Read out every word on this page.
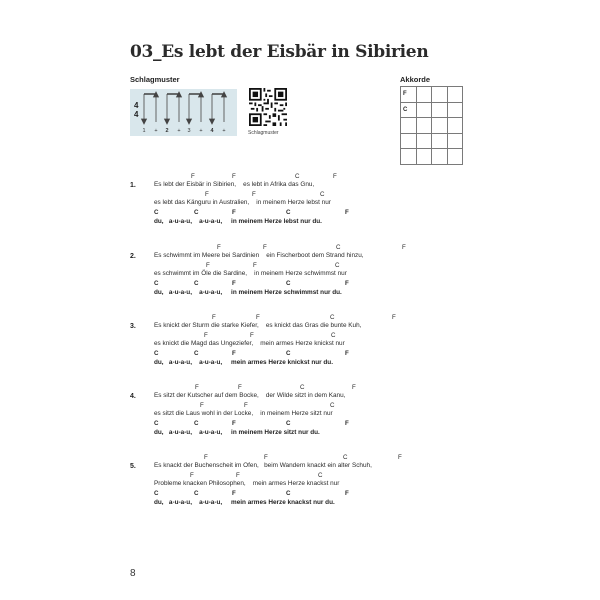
03_Es lebt der Eisbär in Sibirien
Schlagmuster	Akkorde
4
4
1 + 2 + 3 + 4 +	Schlagmuster
F			
C			

1.	Es lebt der Eisbär in Sibirien,    es lebt in Afrika das Gnu,
F	F	C	F
es lebt das Känguru in Australien,    in meinem Herze lebst nur
F	F	C
du,   a-u-a-u,    a-u-a-u,     in meinem Herze lebst nur du.
C	C	F	C	F
2.	Es schwimmt im Meere bei Sardinien    ein Fischerboot dem Strand hinzu,
F	F	C	F
es schwimmt im Öle die Sardine,    in meinem Herze schwimmst nur
F	F	C
du,   a-u-a-u,    a-u-a-u,     in meinem Herze schwimmst nur du.
C	C	F	C	F
3.	Es knickt der Sturm die starke Kiefer,    es knickt das Gras die bunte Kuh,
F	F	C	F
es knickt die Magd das Ungeziefer,    mein armes Herze knickst nur
F	F	C
du,   a-u-a-u,    a-u-a-u,     mein armes Herze knickst nur du.
C	C	F	C	F
4.	Es sitzt der Kutscher auf dem Bocke,    der Wilde sitzt in dem Kanu,
F	F	C	F
es sitzt die Laus wohl in der Locke,    in meinem Herze sitzt nur
F	F	C
du,   a-u-a-u,    a-u-a-u,     in meinem Herze sitzt nur du.
C	C	F	C	F
5.	Es knackt der Buchenscheit im Ofen,   beim Wandern knackt ein alter Schuh,
F	F	C	F
Probleme knacken Philosophen,    mein armes Herze knackst nur
F	F	C
du,   a-u-a-u,    a-u-a-u,     mein armes Herze knackst nur du.
C	C	F	C	F
8
